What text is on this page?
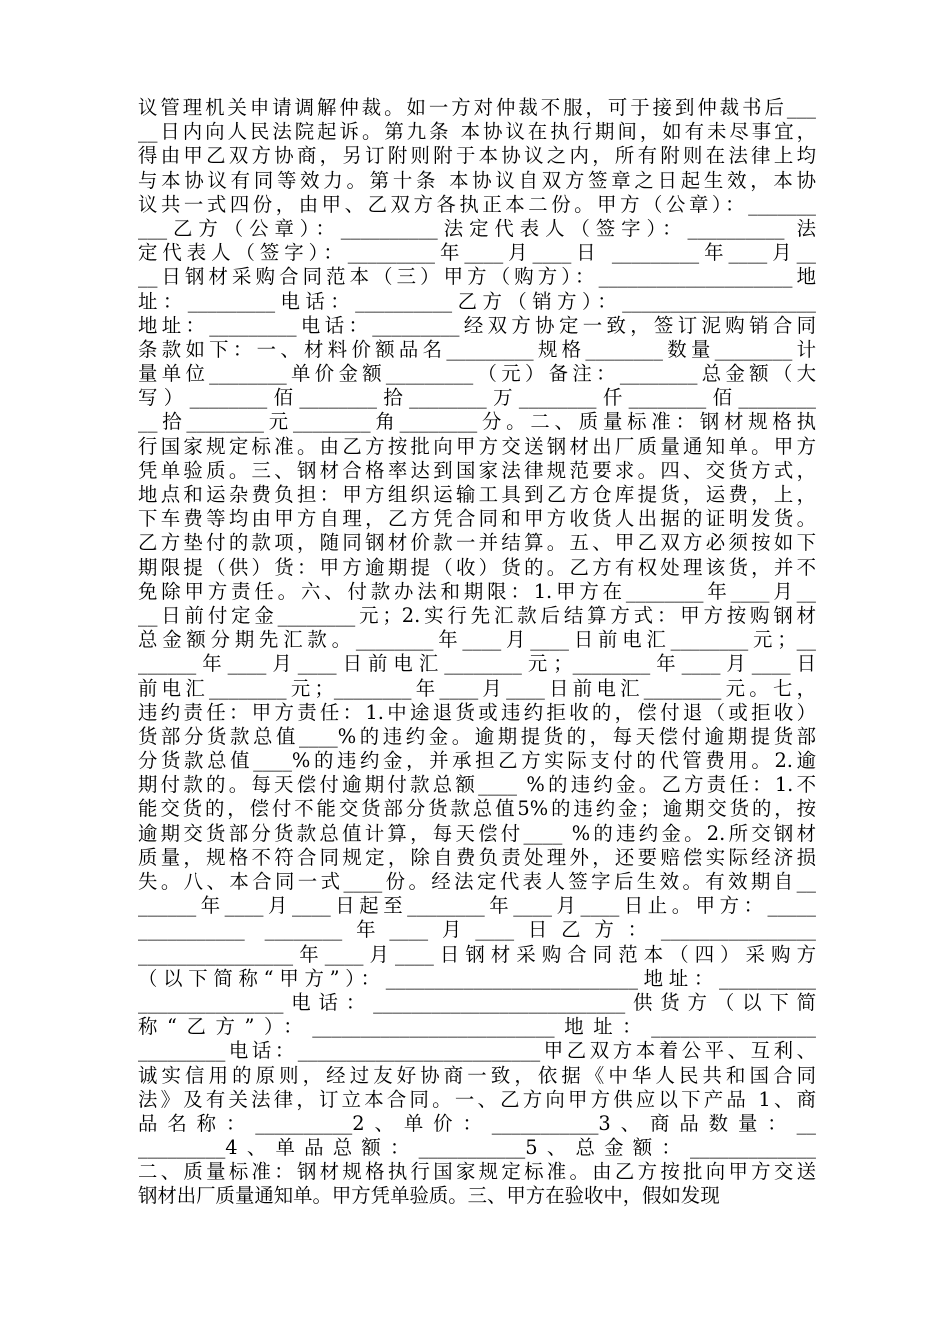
议管理机关申请调解仲裁。如一方对仲裁不服，可于接到仲裁书后___
__日内向人民法院起诉。第九条 本协议在执行期间，如有未尽事宜，
得由甲乙双方协商，另订附则附于本协议之内，所有附则在法律上均
与本协议有同等效力。第十条 本协议自双方签章之日起生效，本协
议共一式四份，由甲、乙双方各执正本二份。甲方（公章）：_______
___乙方（公章）：__________法定代表人（签字）：__________ 法
定代表人（签字）：_________年____月____日 _________年____月__
__日钢材采购合同范本（三）甲方（购方）：____________________地
址：_________电话：__________乙方（销方）：____________________
地址：_________电话：_________经双方协定一致，签订泥购销合同
条款如下：一、材料价额品名_________规格________数量________计
量单位________单价金额_________（元）备注：________总金额（大
写）________佰________拾________万________仟________佰________
__拾________元________角________分。二、质量标准：钢材规格执
行国家规定标准。由乙方按批向甲方交送钢材出厂质量通知单。甲方
凭单验质。三、钢材合格率达到国家法律规范要求。四、交货方式，
地点和运杂费负担：甲方组织运输工具到乙方仓库提货，运费，上，
下车费等均由甲方自理，乙方凭合同和甲方收货人出据的证明发货。
乙方垫付的款项，随同钢材价款一并结算。五、甲乙双方必须按如下
期限提（供）货：甲方逾期提（收）货的。乙方有权处理该货，并不
免除甲方责任。六、付款办法和期限：1.甲方在________年____月__
__日前付定金________元；2.实行先汇款后结算方式：甲方按购钢材
总金额分期先汇款。________年____月____日前电汇________元；__
______年____月____日前电汇________元；________年____月____日
前电汇________元；________年____月____日前电汇________元。七，
违约责任：甲方责任：1.中途退货或违约拒收的，偿付退（或拒收）
货部分货款总值____%的违约金。逾期提货的，每天偿付逾期提货部
分货款总值____%的违约金，并承担乙方实际支付的代管费用。2.逾
期付款的。每天偿付逾期付款总额____ %的违约金。乙方责任：1.不
能交货的，偿付不能交货部分货款总值5%的违约金；逾期交货的，按
逾期交货部分货款总值计算，每天偿付____ %的违约金。2.所交钢材
质量，规格不符合同规定，除自费负责处理外，还要赔偿实际经济损
失。八、本合同一式____份。经法定代表人签字后生效。有效期自__
______年____月____日起至________年____月____日止。甲方：_____
___________ ________年____月____日乙方：________________
________________年____月____日钢材采购合同范本（四）采购方
（以下简称“甲方”）：__________________________地址：__________
_______________电话：__________________________供货方（以下简
称“乙方”）：_________________________地址：_________________
_________电话：_________________________甲乙双方本着公平、互利、
诚实信用的原则，经过友好协商一致，依据《中华人民共和国合同
法》及有关法律，订立本合同。一、乙方向甲方供应以下产品 1、商
品名称：__________2、单价：___________3、商品数量：__
_________4、单品总额：___________5、总金额：_____________
二、质量标准：钢材规格执行国家规定标准。由乙方按批向甲方交送
钢材出厂质量通知单。甲方凭单验质。三、甲方在验收中，假如发现
